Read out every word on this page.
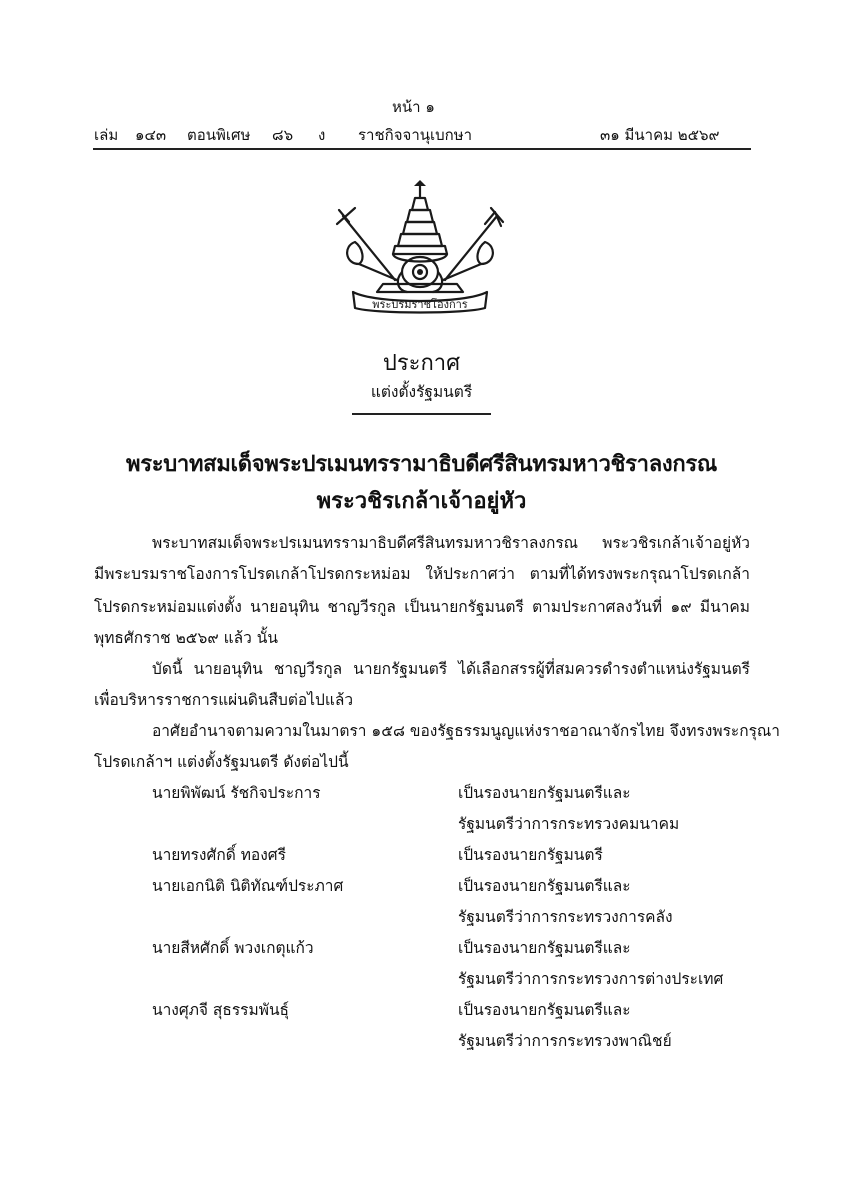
หน้า ๑
เล่ม ๑๔๓ ตอนพิเศษ ๘๖ ง ราชกิจจานุเบกษา	๓๑ มีนาคม ๒๕๖๙
พระบรมราชโองการ
ประกาศ
แต่งตั้งรัฐมนตรี
พระบาทสมเด็จพระปรเมนทรรามาธิบดีศรีสินทรมหาวชิราลงกรณ
พระวชิรเกล้าเจ้าอยู่หัว
พระบาทสมเด็จพระปรเมนทรรามาธิบดีศรีสินทรมหาวชิราลงกรณ พระวชิรเกล้าเจ้าอยู่หัว
มีพระบรมราชโองการโปรดเกล้าโปรดกระหม่อม ให้ประกาศว่า ตามที่ได้ทรงพระกรุณาโปรดเกล้า
โปรดกระหม่อมแต่งตั้ง นายอนุทิน ชาญวีรกูล เป็นนายกรัฐมนตรี ตามประกาศลงวันที่ ๑๙ มีนาคม
พุทธศักราช ๒๕๖๙ แล้ว นั้น
บัดนี้ นายอนุทิน ชาญวีรกูล นายกรัฐมนตรี ได้เลือกสรรผู้ที่สมควรดำรงตำแหน่งรัฐมนตรี
เพื่อบริหารราชการแผ่นดินสืบต่อไปแล้ว
อาศัยอำนาจตามความในมาตรา ๑๕๘ ของรัฐธรรมนูญแห่งราชอาณาจักรไทย จึงทรงพระกรุณา
โปรดเกล้าฯ แต่งตั้งรัฐมนตรี ดังต่อไปนี้
นายพิพัฒน์ รัชกิจประการ	เป็นรองนายกรัฐมนตรีและ
รัฐมนตรีว่าการกระทรวงคมนาคม
นายทรงศักดิ์ ทองศรี	เป็นรองนายกรัฐมนตรี
นายเอกนิติ นิติทัณฑ์ประภาศ	เป็นรองนายกรัฐมนตรีและ
รัฐมนตรีว่าการกระทรวงการคลัง
นายสีหศักดิ์ พวงเกตุแก้ว	เป็นรองนายกรัฐมนตรีและ
รัฐมนตรีว่าการกระทรวงการต่างประเทศ
นางศุภจี สุธรรมพันธุ์	เป็นรองนายกรัฐมนตรีและ
รัฐมนตรีว่าการกระทรวงพาณิชย์
